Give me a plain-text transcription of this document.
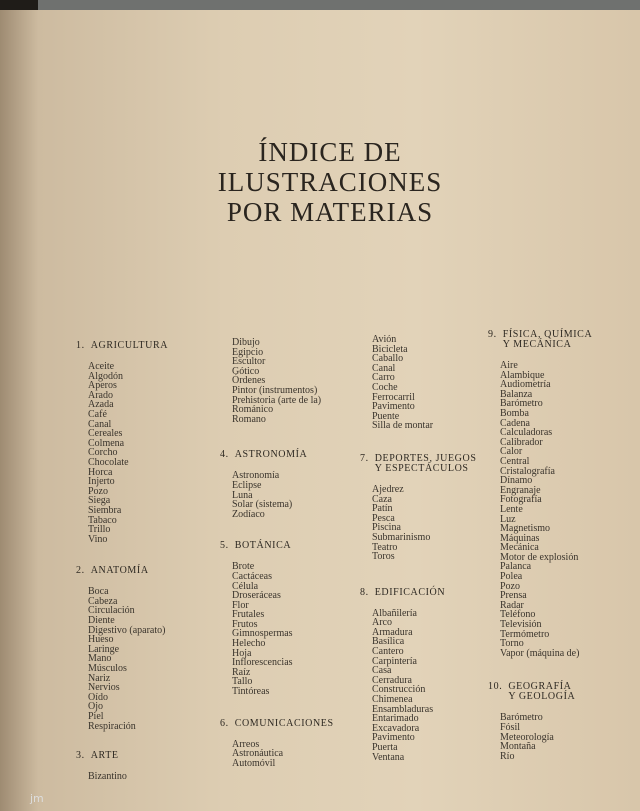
ÍNDICE DE
ILUSTRACIONES
POR MATERIAS
1. AGRICULTURA
Aceite
Algodón
Aperos
Arado
Azada
Café
Canal
Cereales
Colmena
Corcho
Chocolate
Horca
Injerto
Pozo
Siega
Siembra
Tabaco
Trillo
Vino
2. ANATOMÍA
Boca
Cabeza
Circulación
Diente
Digestivo (aparato)
Hueso
Laringe
Mano
Músculos
Nariz
Nervios
Oído
Ojo
Piel
Respiración
3. ARTE
Bizantino
Dibujo
Egipcio
Escultor
Gótico
Órdenes
Pintor (instrumentos)
Prehistoria (arte de la)
Románico
Romano
4. ASTRONOMÍA
Astronomía
Eclipse
Luna
Solar (sistema)
Zodíaco
5. BOTÁNICA
Brote
Cactáceas
Célula
Droseráceas
Flor
Frutales
Frutos
Gimnospermas
Helecho
Hoja
Inflorescencias
Raíz
Tallo
Tintóreas
6. COMUNICACIONES
Arreos
Astronáutica
Automóvil
Avión
Bicicleta
Caballo
Canal
Carro
Coche
Ferrocarril
Pavimento
Puente
Silla de montar
7. DEPORTES, JUEGOS
Y ESPECTÁCULOS
Ajedrez
Caza
Patín
Pesca
Piscina
Submarinismo
Teatro
Toros
8. EDIFICACIÓN
Albañilería
Arco
Armadura
Basílica
Cantero
Carpintería
Casa
Cerradura
Construcción
Chimenea
Ensambladuras
Entarimado
Excavadora
Pavimento
Puerta
Ventana
9. FÍSICA, QUÍMICA
Y MECÁNICA
Aire
Alambique
Audiometría
Balanza
Barómetro
Bomba
Cadena
Calculadoras
Calibrador
Calor
Central
Cristalografía
Dínamo
Engranaje
Fotografía
Lente
Luz
Magnetismo
Máquinas
Mecánica
Motor de explosión
Palanca
Polea
Pozo
Prensa
Radar
Teléfono
Televisión
Termómetro
Torno
Vapor (máquina de)
10. GEOGRAFÍA
Y GEOLOGÍA
Barómetro
Fósil
Meteorología
Montaña
Río
jm
